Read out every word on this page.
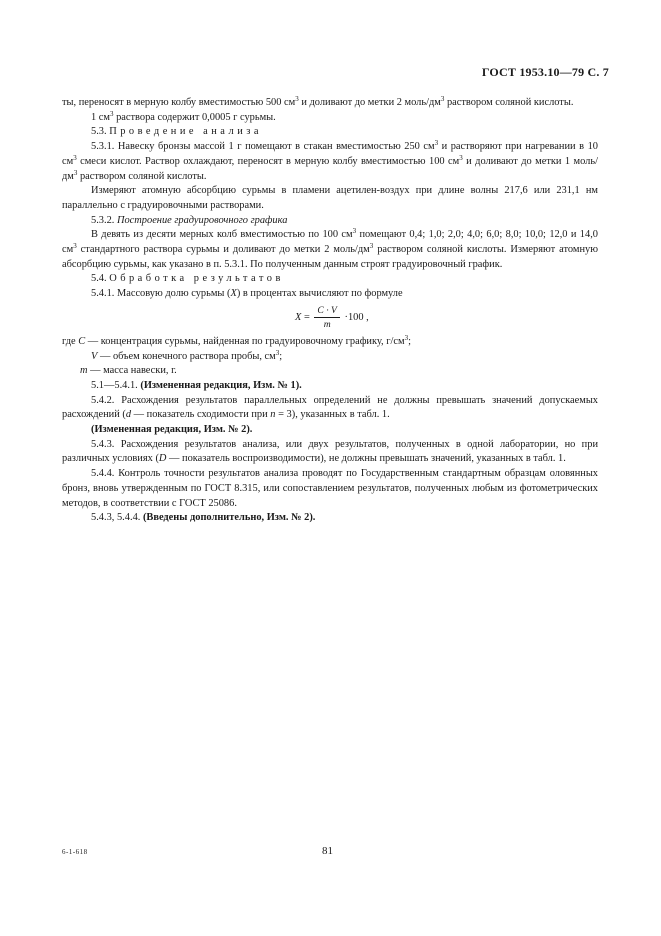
ГОСТ 1953.10—79 С. 7

ты, переносят в мерную колбу вместимостью 500 $см^3$ и доливают до метки 2 моль/$дм^3$ раствором соляной кислоты.

1 $см^3$ раствора содержит 0,0005 г сурьмы.

5.3. Проведение анализа

5.3.1. Навеску бронзы массой 1 г помещают в стакан вместимостью 250 $см^3$ и растворяют при нагревании в 10 $см^3$ смеси кислот. Раствор охлаждают, переносят в мерную колбу вместимостью 100 $см^3$ и доливают до метки 1 моль/$дм^3$ раствором соляной кислоты.

Измеряют атомную абсорбцию сурьмы в пламени ацетилен-воздух при длине волны 217,6 или 231,1 нм параллельно с градуировочными растворами.

5.3.2. Построение градуировочного графика

В девять из десяти мерных колб вместимостью по 100 $см^3$ помещают 0,4; 1,0; 2,0; 4,0; 6,0; 8,0; 10,0; 12,0 и 14,0 $см^3$ стандартного раствора сурьмы и доливают до метки 2 моль/$дм^3$ раствором соляной кислоты. Измеряют атомную абсорбцию сурьмы, как указано в п. 5.3.1. По полученным данным строят градуировочный график.

5.4. Обработка результатов

5.4.1. Массовую долю сурьмы (X) в процентах вычисляют по формуле

$X = \frac{C \cdot V}{m} \cdot 100$ ,

где C — концентрация сурьмы, найденная по градуировочному графику, $г/см^3$;

V — объем конечного раствора пробы, $см^3$;

m — масса навески, г.

5.1—5.4.1. (Измененная редакция, Изм. № 1).

5.4.2. Расхождения результатов параллельных определений не должны превышать значений допускаемых расхождений (d — показатель сходимости при n = 3), указанных в табл. 1.

(Измененная редакция, Изм. № 2).

5.4.3. Расхождения результатов анализа, или двух результатов, полученных в одной лаборатории, но при различных условиях (D — показатель воспроизводимости), не должны превышать значений, указанных в табл. 1.

5.4.4. Контроль точности результатов анализа проводят по Государственным стандартным образцам оловянных бронз, вновь утвержденным по ГОСТ 8.315, или сопоставлением результатов, полученных любым из фотометрических методов, в соответствии с ГОСТ 25086.

5.4.3, 5.4.4. (Введены дополнительно, Изм. № 2).

6-1-618	81
